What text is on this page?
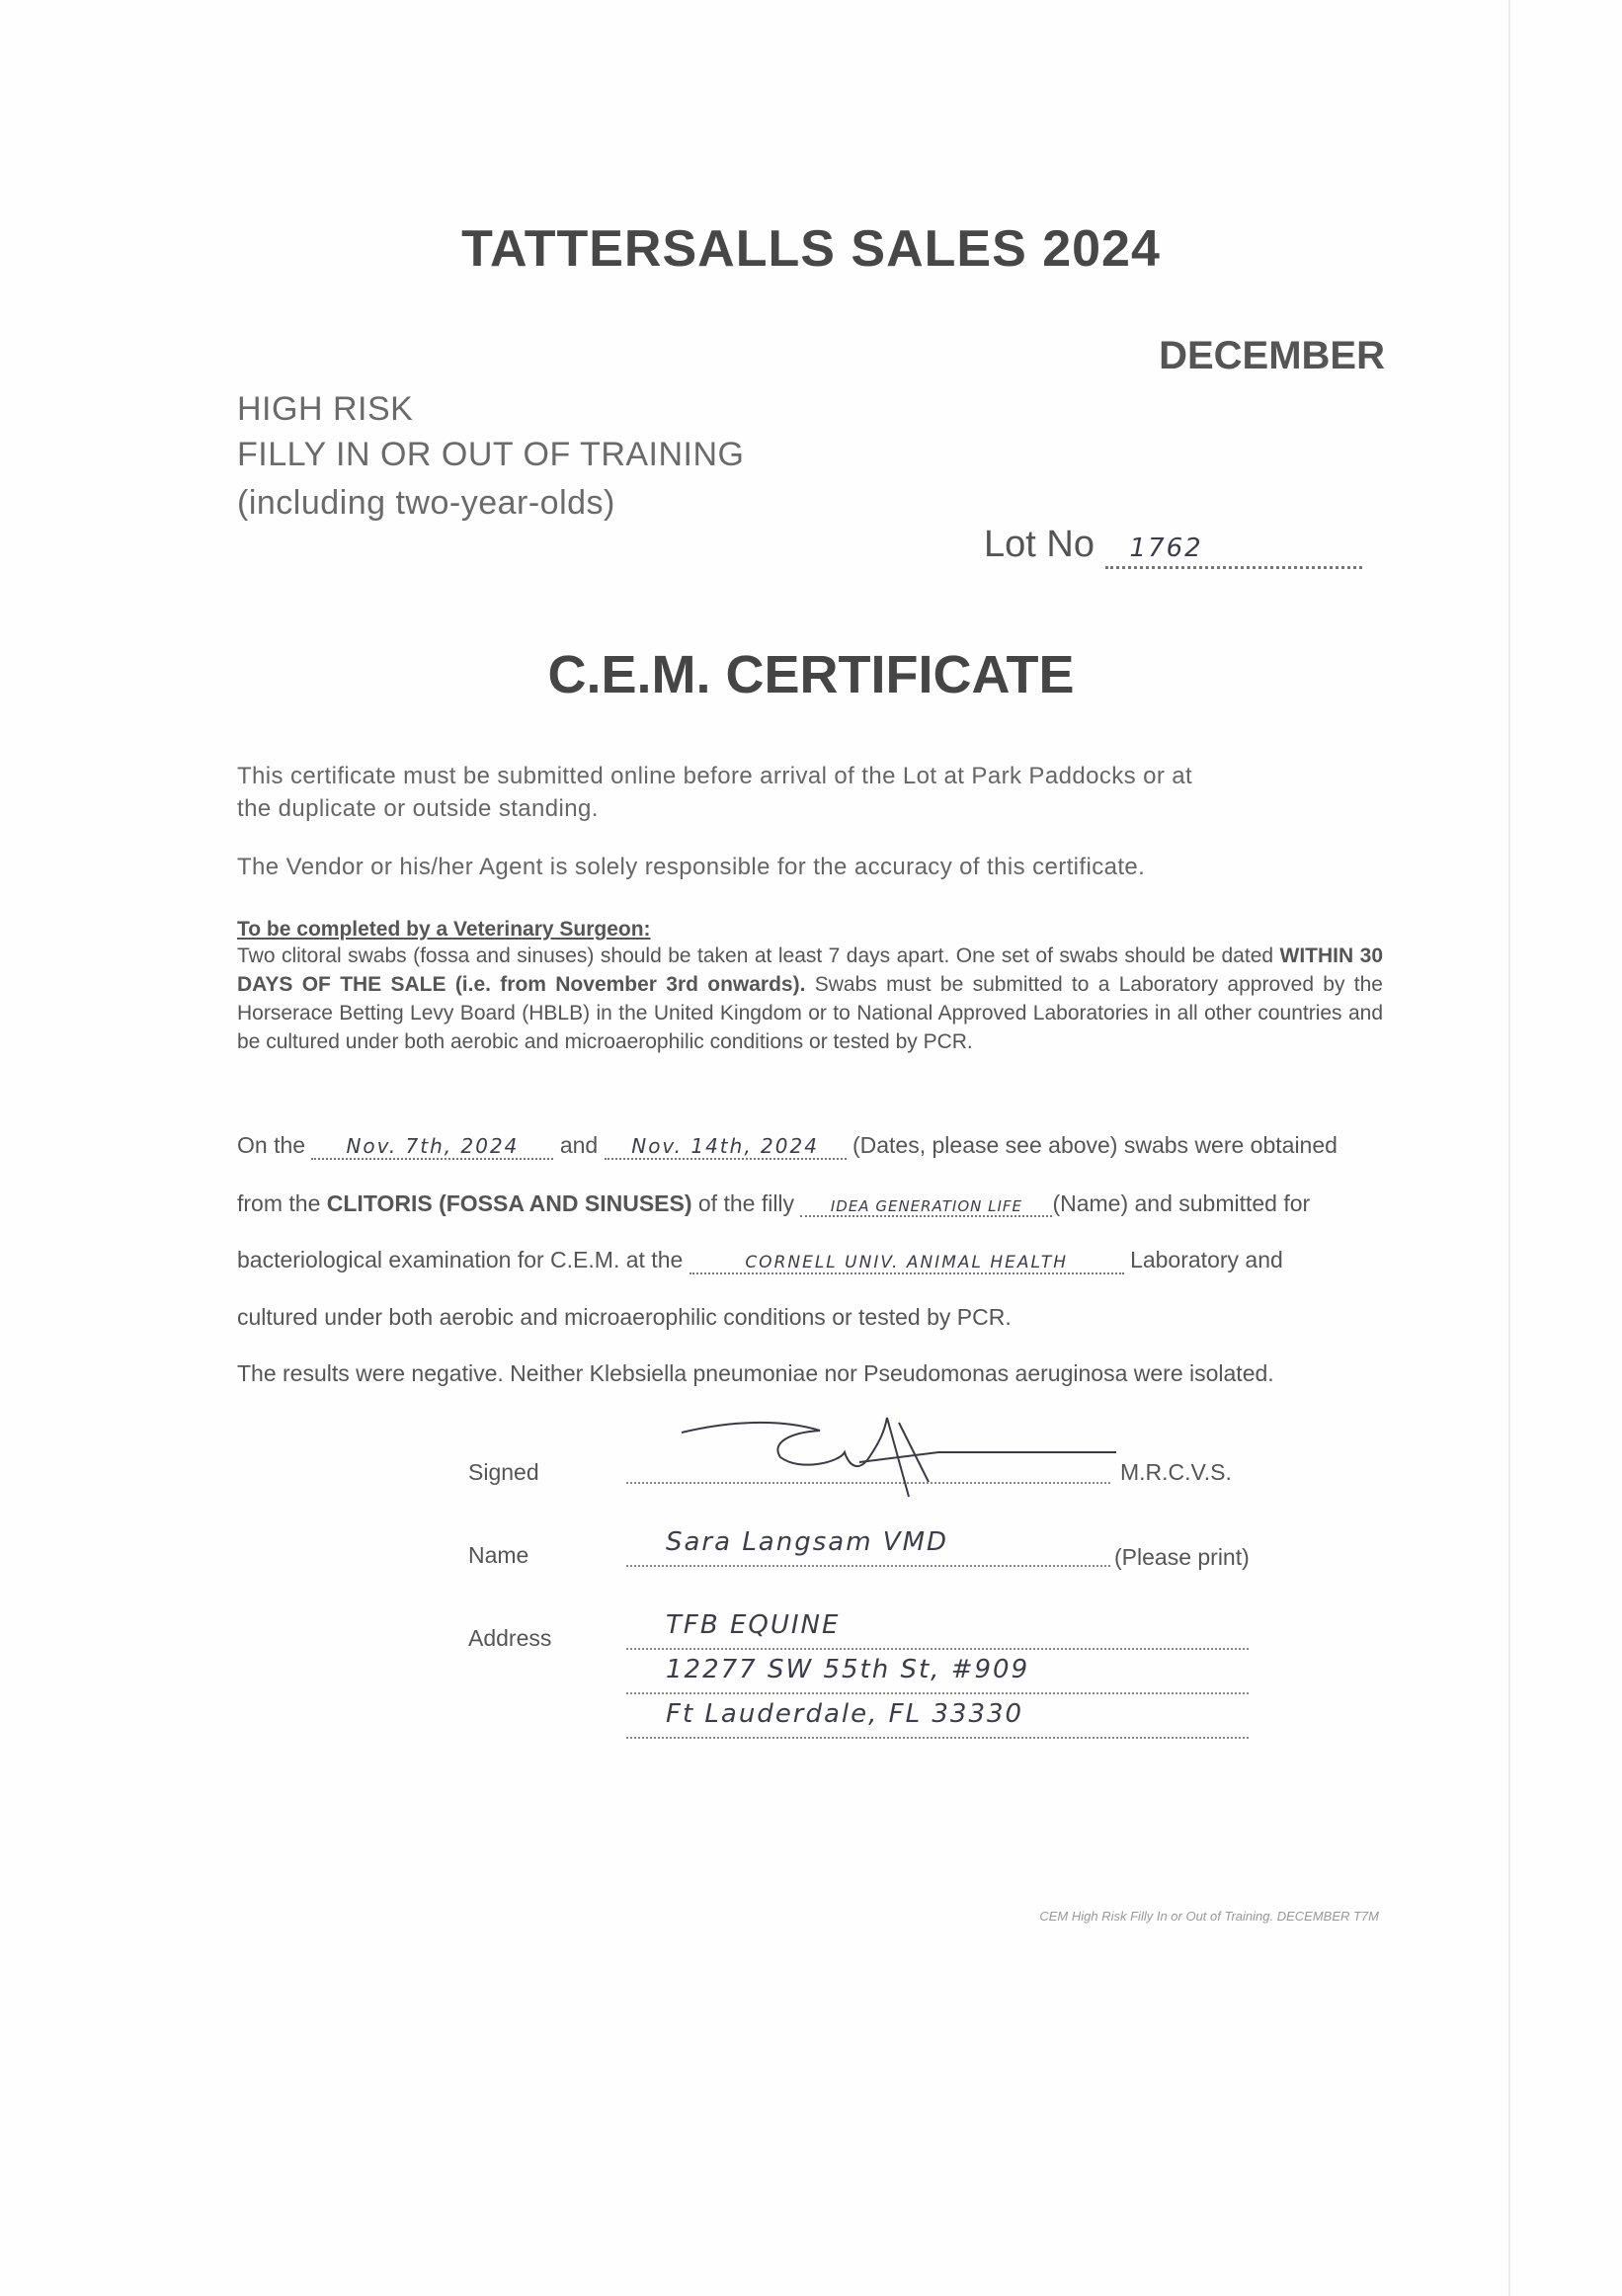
TATTERSALLS SALES 2024
DECEMBER
HIGH RISK
FILLY IN OR OUT OF TRAINING
(including two-year-olds)
Lot No 1762
C.E.M. CERTIFICATE
This certificate must be submitted online before arrival of the Lot at Park Paddocks or at
the duplicate or outside standing.
The Vendor or his/her Agent is solely responsible for the accuracy of this certificate.
To be completed by a Veterinary Surgeon:
Two clitoral swabs (fossa and sinuses) should be taken at least 7 days apart. One set of swabs should be dated WITHIN 30 DAYS OF THE SALE (i.e. from November 3rd onwards). Swabs must be submitted to a Laboratory approved by the Horserace Betting Levy Board (HBLB) in the United Kingdom or to National Approved Laboratories in all other countries and be cultured under both aerobic and microaerophilic conditions or tested by PCR.
On the Nov. 7th, 2024 and Nov. 14th, 2024 (Dates, please see above) swabs were obtained
from the CLITORIS (FOSSA AND SINUSES) of the filly IDEA GENERATION LIFE (Name) and submitted for
bacteriological examination for C.E.M. at the	CORNELL UNIV. ANIMAL HEALTH	Laboratory and
cultured under both aerobic and microaerophilic conditions or tested by PCR.
The results were negative. Neither Klebsiella pneumoniae nor Pseudomonas aeruginosa were isolated.
Signed	M.R.C.V.S.
Name	Sara Langsam VMD	(Please print)
Address	TFB EQUINE
12277 SW 55th St, #909
Ft Lauderdale, FL 33330
CEM High Risk Filly In or Out of Training. DECEMBER T7M
